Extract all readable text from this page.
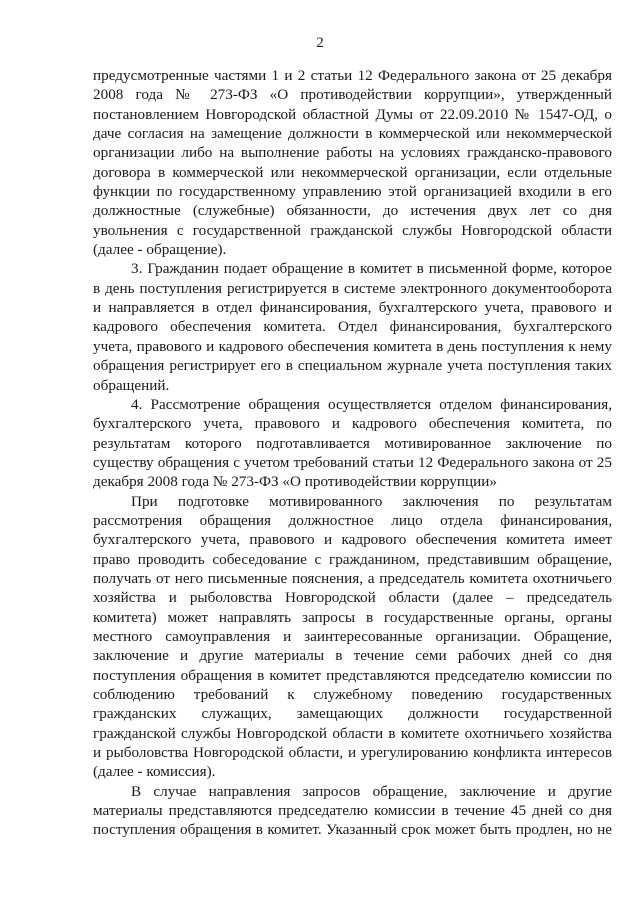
2
предусмотренные частями 1 и 2 статьи 12 Федерального закона от 25 декабря
2008 года № 273-ФЗ «О противодействии коррупции», утвержденный
постановлением Новгородской областной Думы от 22.09.2010 № 1547-ОД, о
даче согласия на замещение должности в коммерческой или некоммерческой
организации либо на выполнение работы на условиях гражданско-правового
договора в коммерческой или некоммерческой организации, если отдельные
функции по государственному управлению этой организацией входили в его
должностные (служебные) обязанности, до истечения двух лет со дня
увольнения с государственной гражданской службы Новгородской области
(далее - обращение).
3. Гражданин подает обращение в комитет в письменной форме, которое
в день поступления регистрируется в системе электронного документооборота
и направляется в отдел финансирования, бухгалтерского учета, правового и
кадрового обеспечения комитета. Отдел финансирования, бухгалтерского
учета, правового и кадрового обеспечения комитета в день поступления к нему
обращения регистрирует его в специальном журнале учета поступления таких
обращений.
4. Рассмотрение обращения осуществляется отделом финансирования,
бухгалтерского учета, правового и кадрового обеспечения комитета, по
результатам которого подготавливается мотивированное заключение по
существу обращения с учетом требований статьи 12 Федерального закона от 25
декабря 2008 года № 273-ФЗ «О противодействии коррупции»
При подготовке мотивированного заключения по результатам
рассмотрения обращения должностное лицо отдела финансирования,
бухгалтерского учета, правового и кадрового обеспечения комитета имеет
право проводить собеседование с гражданином, представившим обращение,
получать от него письменные пояснения, а председатель комитета охотничьего
хозяйства и рыболовства Новгородской области (далее – председатель
комитета) может направлять запросы в государственные органы, органы
местного самоуправления и заинтересованные организации. Обращение,
заключение и другие материалы в течение семи рабочих дней со дня
поступления обращения в комитет представляются председателю комиссии по
соблюдению требований к служебному поведению государственных
гражданских служащих, замещающих должности государственной
гражданской службы Новгородской области в комитете охотничьего хозяйства
и рыболовства Новгородской области, и урегулированию конфликта интересов
(далее - комиссия).
В случае направления запросов обращение, заключение и другие
материалы представляются председателю комиссии в течение 45 дней со дня
поступления обращения в комитет. Указанный срок может быть продлен, но не
